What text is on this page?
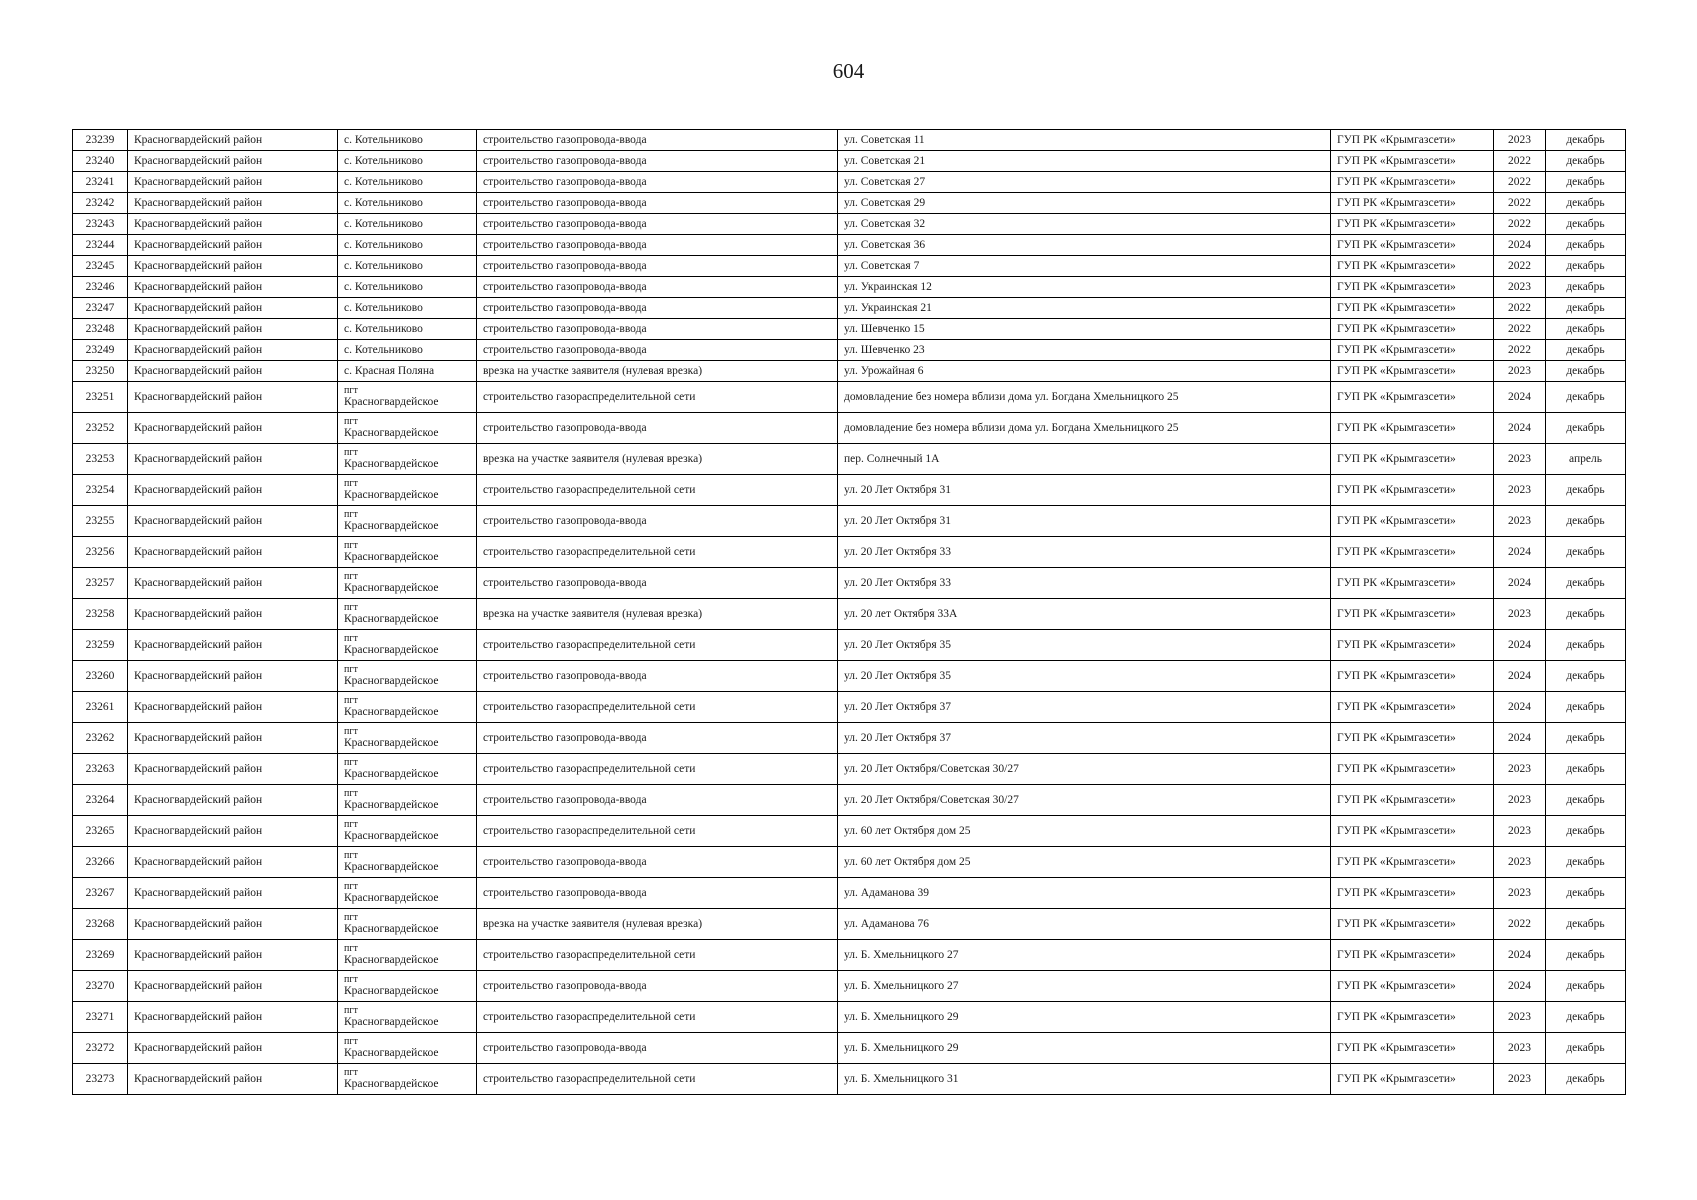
604
23239	Красногвардейский район	с. Котельниково	строительство газопровода-ввода	ул. Советская 11	ГУП РК «Крымгазсети»	2023	декабрь
23240	Красногвардейский район	с. Котельниково	строительство газопровода-ввода	ул. Советская 21	ГУП РК «Крымгазсети»	2022	декабрь
23241	Красногвардейский район	с. Котельниково	строительство газопровода-ввода	ул. Советская 27	ГУП РК «Крымгазсети»	2022	декабрь
23242	Красногвардейский район	с. Котельниково	строительство газопровода-ввода	ул. Советская 29	ГУП РК «Крымгазсети»	2022	декабрь
23243	Красногвардейский район	с. Котельниково	строительство газопровода-ввода	ул. Советская 32	ГУП РК «Крымгазсети»	2022	декабрь
23244	Красногвардейский район	с. Котельниково	строительство газопровода-ввода	ул. Советская 36	ГУП РК «Крымгазсети»	2024	декабрь
23245	Красногвардейский район	с. Котельниково	строительство газопровода-ввода	ул. Советская 7	ГУП РК «Крымгазсети»	2022	декабрь
23246	Красногвардейский район	с. Котельниково	строительство газопровода-ввода	ул. Украинская 12	ГУП РК «Крымгазсети»	2023	декабрь
23247	Красногвардейский район	с. Котельниково	строительство газопровода-ввода	ул. Украинская 21	ГУП РК «Крымгазсети»	2022	декабрь
23248	Красногвардейский район	с. Котельниково	строительство газопровода-ввода	ул. Шевченко 15	ГУП РК «Крымгазсети»	2022	декабрь
23249	Красногвардейский район	с. Котельниково	строительство газопровода-ввода	ул. Шевченко 23	ГУП РК «Крымгазсети»	2022	декабрь
23250	Красногвардейский район	с. Красная Поляна	врезка на участке заявителя (нулевая врезка)	ул. Урожайная 6	ГУП РК «Крымгазсети»	2023	декабрь
23251	Красногвардейский район	пгт
Красногвардейское	строительство газораспределительной сети	домовладение без номера вблизи дома ул. Богдана Хмельницкого 25	ГУП РК «Крымгазсети»	2024	декабрь
23252	Красногвардейский район	пгт
Красногвардейское	строительство газопровода-ввода	домовладение без номера вблизи дома ул. Богдана Хмельницкого 25	ГУП РК «Крымгазсети»	2024	декабрь
23253	Красногвардейский район	пгт
Красногвардейское	врезка на участке заявителя (нулевая врезка)	пер. Солнечный 1А	ГУП РК «Крымгазсети»	2023	апрель
23254	Красногвардейский район	пгт
Красногвардейское	строительство газораспределительной сети	ул. 20 Лет Октября 31	ГУП РК «Крымгазсети»	2023	декабрь
23255	Красногвардейский район	пгт
Красногвардейское	строительство газопровода-ввода	ул. 20 Лет Октября 31	ГУП РК «Крымгазсети»	2023	декабрь
23256	Красногвардейский район	пгт
Красногвардейское	строительство газораспределительной сети	ул. 20 Лет Октября 33	ГУП РК «Крымгазсети»	2024	декабрь
23257	Красногвардейский район	пгт
Красногвардейское	строительство газопровода-ввода	ул. 20 Лет Октября 33	ГУП РК «Крымгазсети»	2024	декабрь
23258	Красногвардейский район	пгт
Красногвардейское	врезка на участке заявителя (нулевая врезка)	ул. 20 лет Октября 33А	ГУП РК «Крымгазсети»	2023	декабрь
23259	Красногвардейский район	пгт
Красногвардейское	строительство газораспределительной сети	ул. 20 Лет Октября 35	ГУП РК «Крымгазсети»	2024	декабрь
23260	Красногвардейский район	пгт
Красногвардейское	строительство газопровода-ввода	ул. 20 Лет Октября 35	ГУП РК «Крымгазсети»	2024	декабрь
23261	Красногвардейский район	пгт
Красногвардейское	строительство газораспределительной сети	ул. 20 Лет Октября 37	ГУП РК «Крымгазсети»	2024	декабрь
23262	Красногвардейский район	пгт
Красногвардейское	строительство газопровода-ввода	ул. 20 Лет Октября 37	ГУП РК «Крымгазсети»	2024	декабрь
23263	Красногвардейский район	пгт
Красногвардейское	строительство газораспределительной сети	ул. 20 Лет Октября/Советская 30/27	ГУП РК «Крымгазсети»	2023	декабрь
23264	Красногвардейский район	пгт
Красногвардейское	строительство газопровода-ввода	ул. 20 Лет Октября/Советская 30/27	ГУП РК «Крымгазсети»	2023	декабрь
23265	Красногвардейский район	пгт
Красногвардейское	строительство газораспределительной сети	ул. 60 лет Октября дом 25	ГУП РК «Крымгазсети»	2023	декабрь
23266	Красногвардейский район	пгт
Красногвардейское	строительство газопровода-ввода	ул. 60 лет Октября дом 25	ГУП РК «Крымгазсети»	2023	декабрь
23267	Красногвардейский район	пгт
Красногвардейское	строительство газопровода-ввода	ул. Адаманова 39	ГУП РК «Крымгазсети»	2023	декабрь
23268	Красногвардейский район	пгт
Красногвардейское	врезка на участке заявителя (нулевая врезка)	ул. Адаманова 76	ГУП РК «Крымгазсети»	2022	декабрь
23269	Красногвардейский район	пгт
Красногвардейское	строительство газораспределительной сети	ул. Б. Хмельницкого 27	ГУП РК «Крымгазсети»	2024	декабрь
23270	Красногвардейский район	пгт
Красногвардейское	строительство газопровода-ввода	ул. Б. Хмельницкого 27	ГУП РК «Крымгазсети»	2024	декабрь
23271	Красногвардейский район	пгт
Красногвардейское	строительство газораспределительной сети	ул. Б. Хмельницкого 29	ГУП РК «Крымгазсети»	2023	декабрь
23272	Красногвардейский район	пгт
Красногвардейское	строительство газопровода-ввода	ул. Б. Хмельницкого 29	ГУП РК «Крымгазсети»	2023	декабрь
23273	Красногвардейский район	пгт
Красногвардейское	строительство газораспределительной сети	ул. Б. Хмельницкого 31	ГУП РК «Крымгазсети»	2023	декабрь
